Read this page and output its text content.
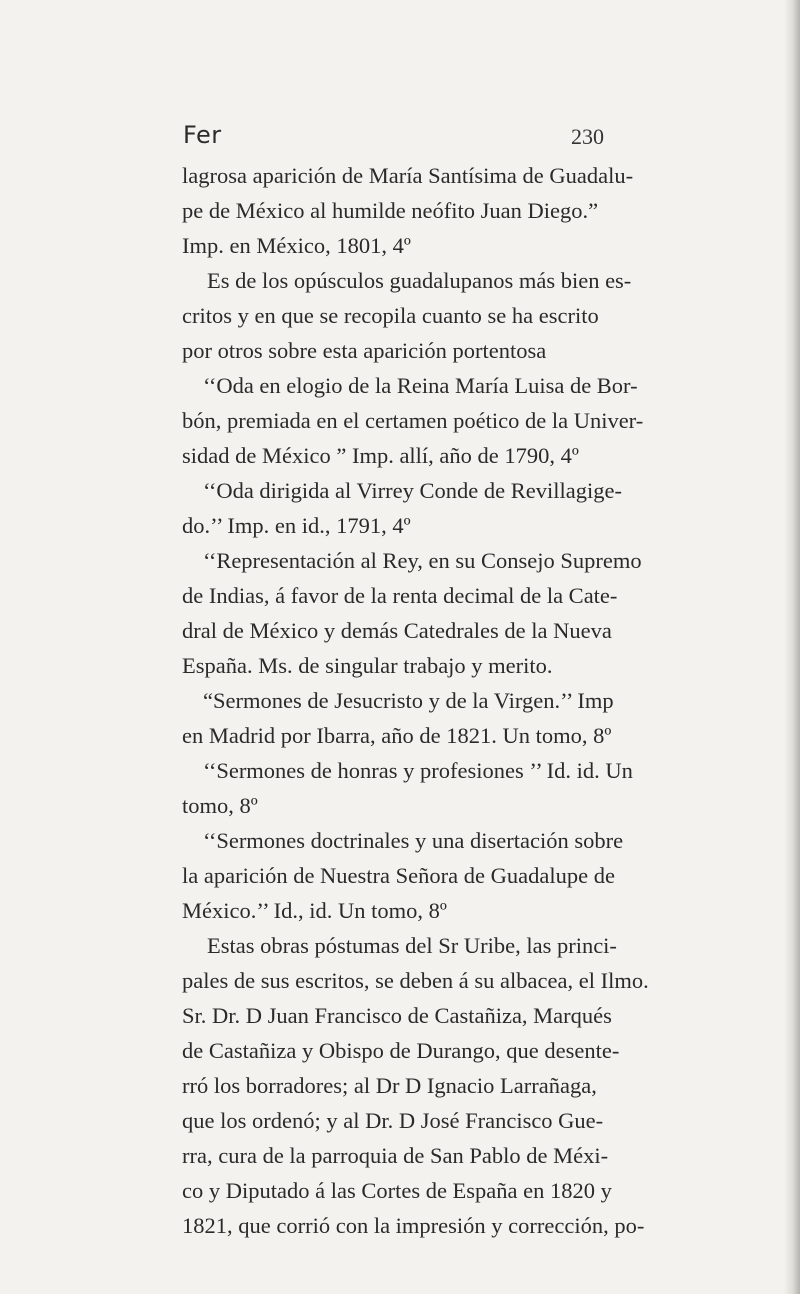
Fer	230
lagrosa aparición de María Santísima de Guadalu-
pe de México al humilde neófito Juan Diego.”
Imp. en México, 1801, 4º
Es de los opúsculos guadalupanos más bien es-
critos y en que se recopila cuanto se ha escrito
por otros sobre esta aparición portentosa
‘‘Oda en elogio de la Reina María Luisa de Bor-
bón, premiada en el certamen poético de la Univer-
sidad de México ” Imp. allí, año de 1790, 4º
‘‘Oda dirigida al Virrey Conde de Revillagige-
do.’’ Imp. en id., 1791, 4º
‘‘Representación al Rey, en su Consejo Supremo
de Indias, á favor de la renta decimal de la Cate-
dral de México y demás Catedrales de la Nueva
España. Ms. de singular trabajo y merito.
“Sermones de Jesucristo y de la Virgen.’’ Imp
en Madrid por Ibarra, año de 1821. Un tomo, 8º
‘‘Sermones de honras y profesiones ’’ Id. id. Un
tomo, 8º
‘‘Sermones doctrinales y una disertación sobre
la aparición de Nuestra Señora de Guadalupe de
México.’’ Id., id. Un tomo, 8º
Estas obras póstumas del Sr Uribe, las princi-
pales de sus escritos, se deben á su albacea, el Ilmo.
Sr. Dr. D Juan Francisco de Castañiza, Marqués
de Castañiza y Obispo de Durango, que desente-
rró los borradores; al Dr D Ignacio Larrañaga,
que los ordenó; y al Dr. D José Francisco Gue-
rra, cura de la parroquia de San Pablo de Méxi-
co y Diputado á las Cortes de España en 1820 y
1821, que corrió con la impresión y corrección, po-
